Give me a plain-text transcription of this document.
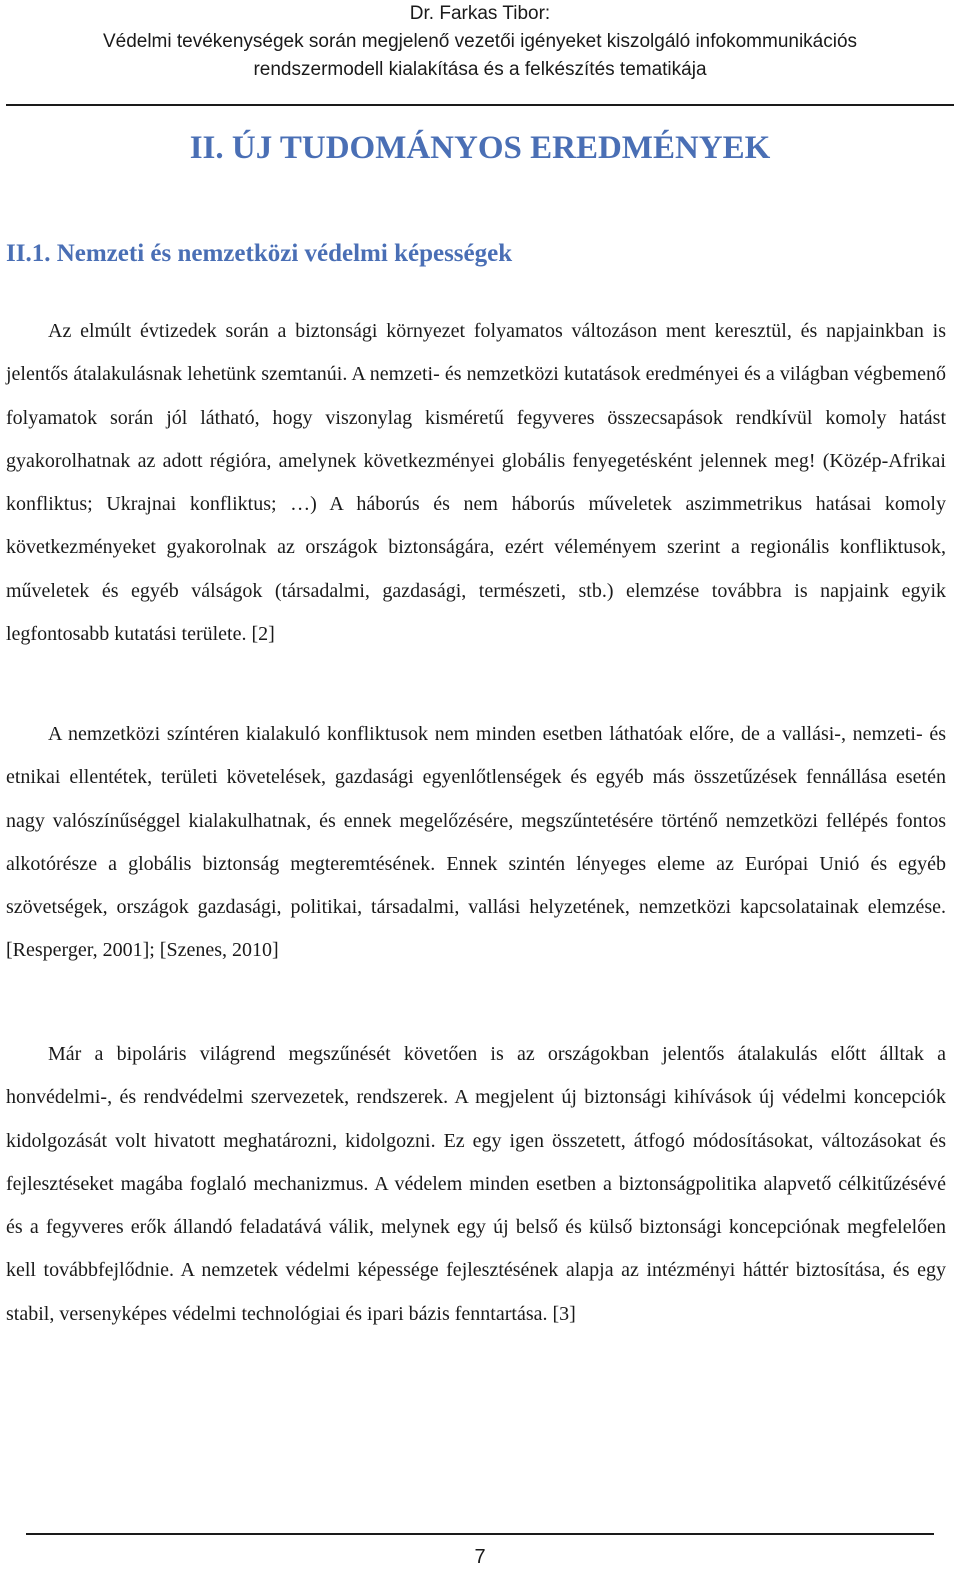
Dr. Farkas Tibor:
Védelmi tevékenységek során megjelenő vezetői igényeket kiszolgáló infokommunikációs
rendszermodell kialakítása és a felkészítés tematikája
II. ÚJ TUDOMÁNYOS EREDMÉNYEK
II.1. Nemzeti és nemzetközi védelmi képességek

Az elmúlt évtizedek során a biztonsági környezet folyamatos változáson ment keresztül, és napjainkban is jelentős átalakulásnak lehetünk szemtanúi. A nemzeti- és nemzetközi kutatások eredményei és a világban végbemenő folyamatok során jól látható, hogy viszonylag kisméretű fegyveres összecsapások rendkívül komoly hatást gyakorolhatnak az adott régióra, amelynek következményei globális fenyegetésként jelennek meg! (Közép-Afrikai konfliktus; Ukrajnai konfliktus; …) A háborús és nem háborús műveletek aszimmetrikus hatásai komoly következményeket gyakorolnak az országok biztonságára, ezért véleményem szerint a regionális konfliktusok, műveletek és egyéb válságok (társadalmi, gazdasági, természeti, stb.) elemzése továbbra is napjaink egyik legfontosabb kutatási területe. [2]

A nemzetközi színtéren kialakuló konfliktusok nem minden esetben láthatóak előre, de a vallási-, nemzeti- és etnikai ellentétek, területi követelések, gazdasági egyenlőtlenségek és egyéb más összetűzések fennállása esetén nagy valószínűséggel kialakulhatnak, és ennek megelőzésére, megszűntetésére történő nemzetközi fellépés fontos alkotórésze a globális biztonság megteremtésének. Ennek szintén lényeges eleme az Európai Unió és egyéb szövetségek, országok gazdasági, politikai, társadalmi, vallási helyzetének, nemzetközi kapcsolatainak elemzése. [Resperger, 2001]; [Szenes, 2010]

Már a bipoláris világrend megszűnését követően is az országokban jelentős átalakulás előtt álltak a honvédelmi-, és rendvédelmi szervezetek, rendszerek. A megjelent új biztonsági kihívások új védelmi koncepciók kidolgozását volt hivatott meghatározni, kidolgozni. Ez egy igen összetett, átfogó módosításokat, változásokat és fejlesztéseket magába foglaló mechanizmus. A védelem minden esetben a biztonságpolitika alapvető célkitűzésévé és a fegyveres erők állandó feladatává válik, melynek egy új belső és külső biztonsági koncepciónak megfelelően kell továbbfejlődnie. A nemzetek védelmi képessége fejlesztésének alapja az intézményi háttér biztosítása, és egy stabil, versenyképes védelmi technológiai és ipari bázis fenntartása. [3]

7
